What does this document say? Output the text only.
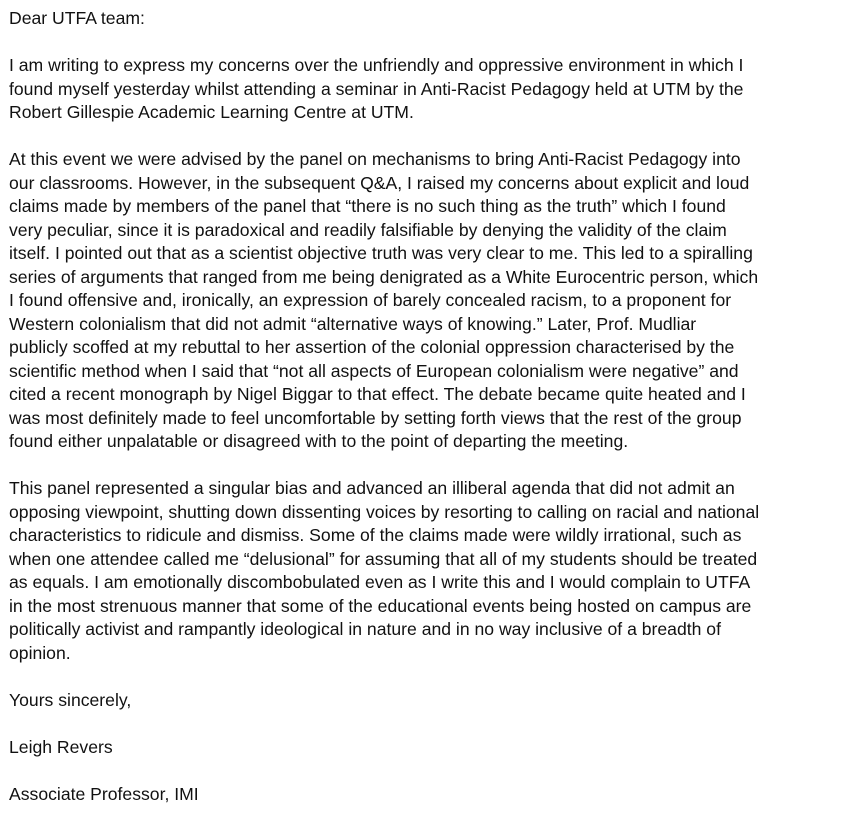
Dear UTFA team:

I am writing to express my concerns over the unfriendly and oppressive environment in which I
found myself yesterday whilst attending a seminar in Anti-Racist Pedagogy held at UTM by the
Robert Gillespie Academic Learning Centre at UTM.

At this event we were advised by the panel on mechanisms to bring Anti-Racist Pedagogy into
our classrooms. However, in the subsequent Q&A, I raised my concerns about explicit and loud
claims made by members of the panel that “there is no such thing as the truth” which I found
very peculiar, since it is paradoxical and readily falsifiable by denying the validity of the claim
itself. I pointed out that as a scientist objective truth was very clear to me. This led to a spiralling
series of arguments that ranged from me being denigrated as a White Eurocentric person, which
I found offensive and, ironically, an expression of barely concealed racism, to a proponent for
Western colonialism that did not admit “alternative ways of knowing.” Later, Prof. Mudliar
publicly scoffed at my rebuttal to her assertion of the colonial oppression characterised by the
scientific method when I said that “not all aspects of European colonialism were negative” and
cited a recent monograph by Nigel Biggar to that effect. The debate became quite heated and I
was most definitely made to feel uncomfortable by setting forth views that the rest of the group
found either unpalatable or disagreed with to the point of departing the meeting.

This panel represented a singular bias and advanced an illiberal agenda that did not admit an
opposing viewpoint, shutting down dissenting voices by resorting to calling on racial and national
characteristics to ridicule and dismiss. Some of the claims made were wildly irrational, such as
when one attendee called me “delusional” for assuming that all of my students should be treated
as equals. I am emotionally discombobulated even as I write this and I would complain to UTFA
in the most strenuous manner that some of the educational events being hosted on campus are
politically activist and rampantly ideological in nature and in no way inclusive of a breadth of
opinion.

Yours sincerely,

Leigh Revers

Associate Professor, IMI
